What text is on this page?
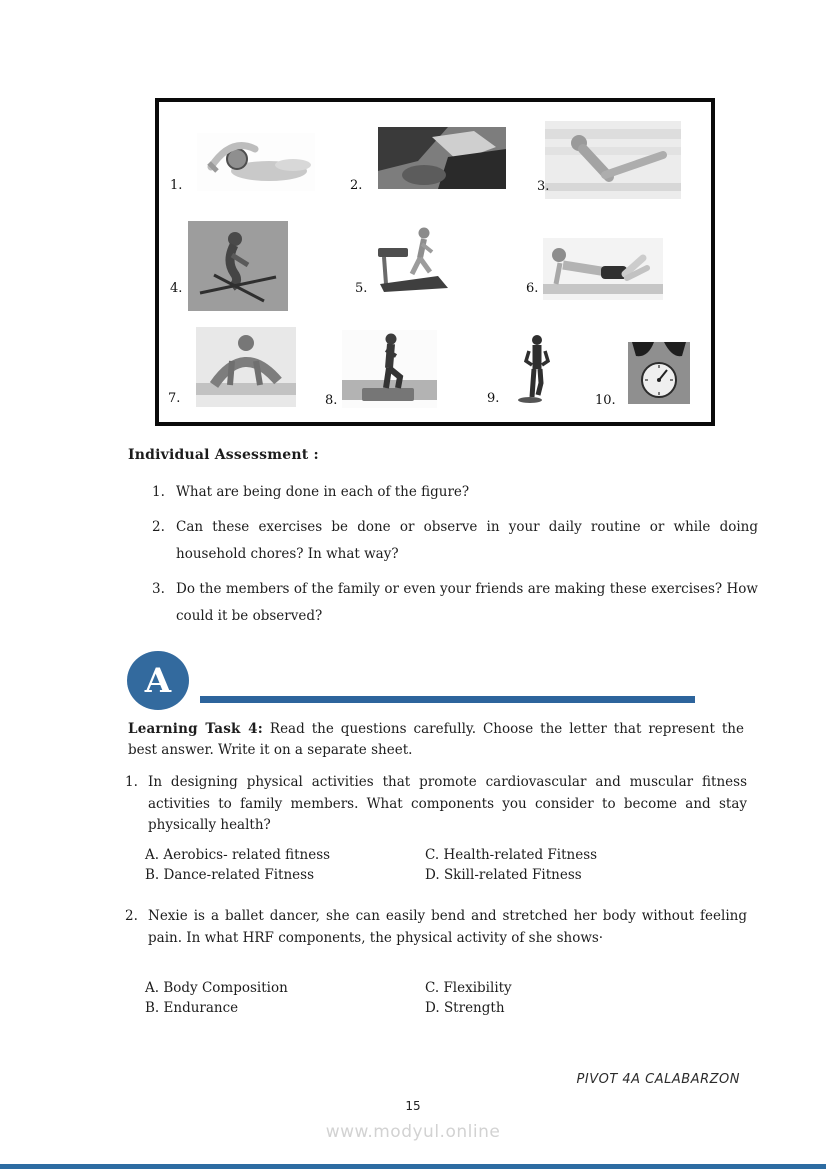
1.	2.	3.
4.	5.	6.
7.	8.	9.	10.
Individual Assessment :
1. What are being done in each of the figure?
2. Can these exercises be done or observe in your daily routine or while doing household chores? In what way?
3. Do the members of the family or even your friends are making these exercises? How could it be observed?
A

Learning Task 4: Read the questions carefully. Choose the letter that represent the best answer. Write it on a separate sheet.

1. In designing physical activities that promote cardiovascular and muscular fitness activities to family members. What components you consider to become and stay physically health?

A. Aerobics- related fitness	C. Health-related Fitness
B. Dance-related Fitness	D. Skill-related Fitness
2. Nexie is a ballet dancer, she can easily bend and stretched her body without feeling pain. In what HRF components, the physical activity of she shows·

A. Body Composition	C. Flexibility
B. Endurance	D. Strength
PIVOT 4A CALABARZON
15
www.modyul.online
